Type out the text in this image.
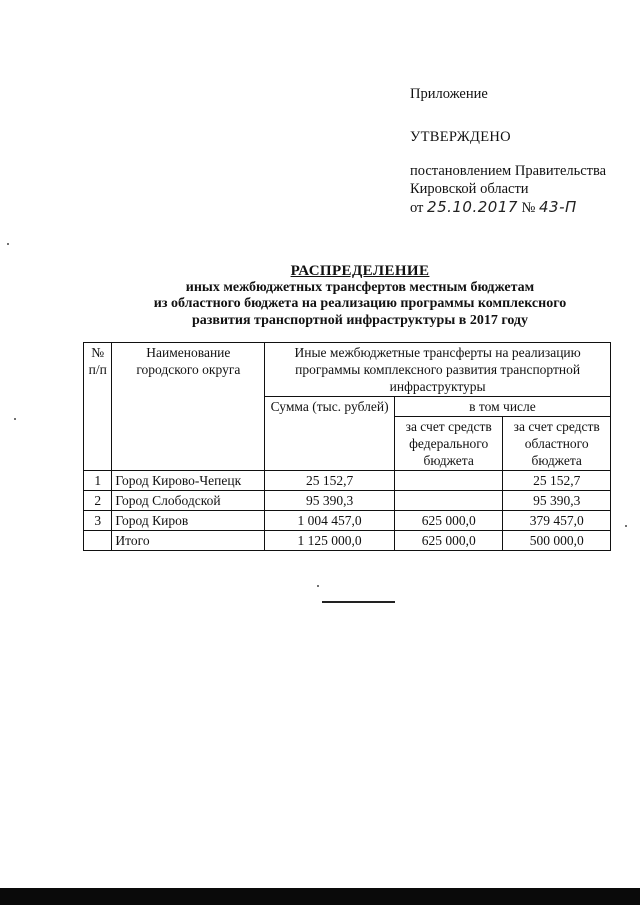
Приложение
УТВЕРЖДЕНО
постановлением Правительства
Кировской области
от 25.10.2017 № 43-П
РАСПРЕДЕЛЕНИЕ
иных межбюджетных трансфертов местным бюджетам
из областного бюджета на реализацию программы комплексного
развития транспортной инфраструктуры в 2017 году
№ п/п	Наименование городского округа	Иные межбюджетные трансферты на реализацию программы комплексного развития транспортной инфраструктуры		
		Сумма (тыс. рублей)	в том числе	
			за счет средств федерального бюджета	за счет средств областного бюджета
1	Город Кирово-Чепецк	25 152,7		25 152,7
2	Город Слободской	95 390,3		95 390,3
3	Город Киров	1 004 457,0	625 000,0	379 457,0
	Итого	1 125 000,0	625 000,0	500 000,0
